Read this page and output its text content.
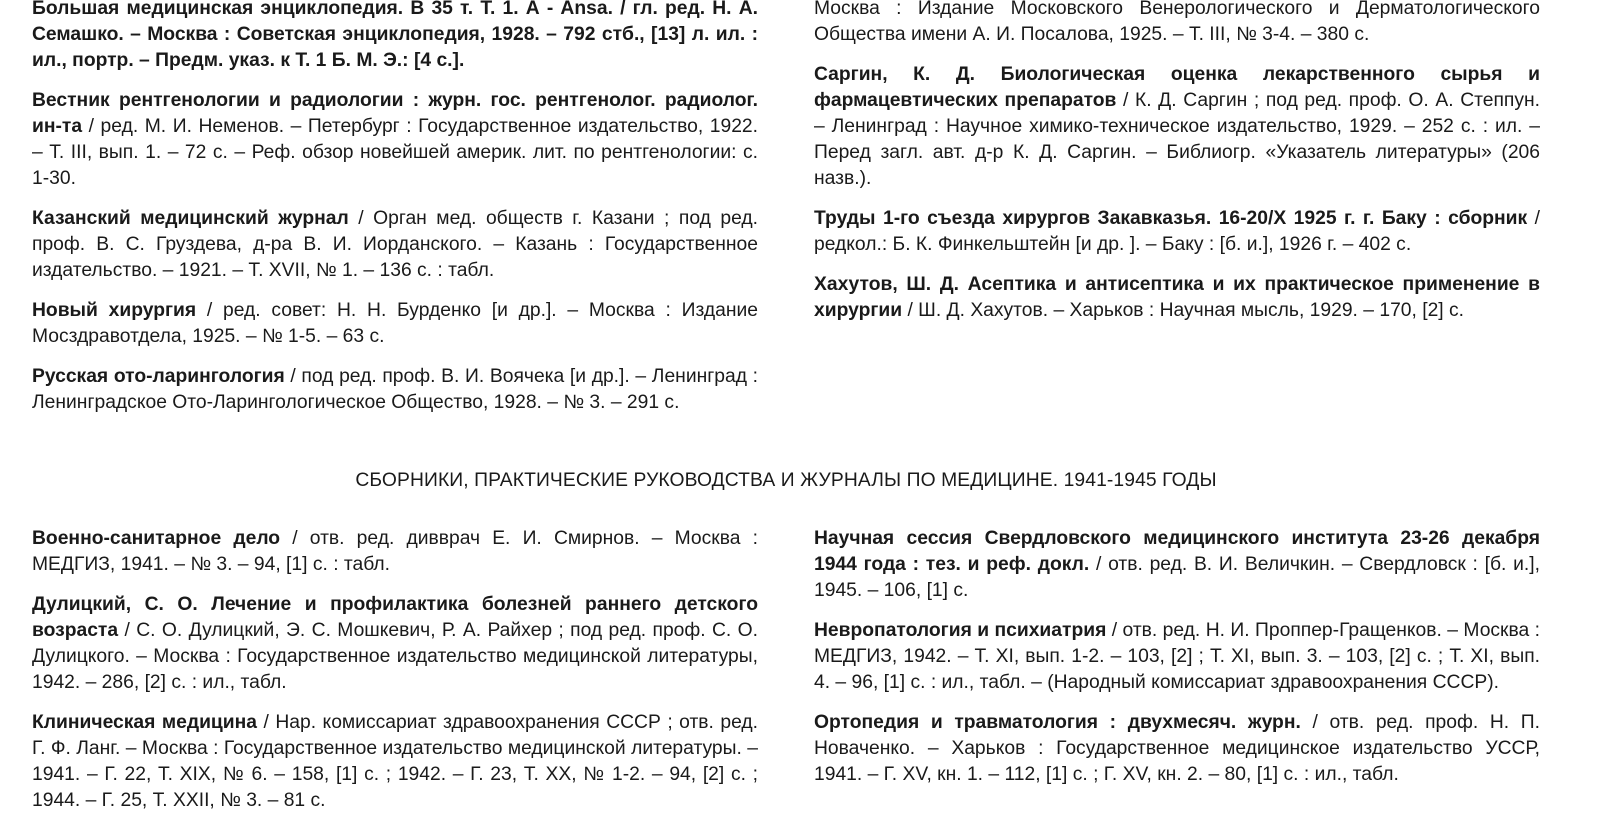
Большая медицинская энциклопедия. В 35 т. Т. 1. А - Ansa. / гл. ред. Н. А. Семашко. – Москва : Советская энциклопедия, 1928. – 792 стб., [13] л. ил. : ил., портр. – Предм. указ. к Т. 1 Б. М. Э.: [4 с.].

Вестник рентгенологии и радиологии : журн. гос. рентгенолог. радиолог. ин-та / ред. М. И. Неменов. – Петербург : Государственное издательство, 1922. – Т. III, вып. 1. – 72 с. – Реф. обзор новейшей америк. лит. по рентгенологии: с. 1-30.

Казанский медицинский журнал / Орган мед. обществ г. Казани ; под ред. проф. В. С. Груздева, д-ра В. И. Иорданского. – Казань : Государственное издательство. – 1921. – Т. XVII, № 1. – 136 с. : табл.

Новый хирургия / ред. совет: Н. Н. Бурденко [и др.]. – Москва : Издание Мосздравотдела, 1925. – № 1-5. – 63 с.

Русская ото-ларингология / под ред. проф. В. И. Воячека [и др.]. – Ленинград : Ленинградское Ото-Ларингологическое Общество, 1928. – № 3. – 291 с.

Москва : Издание Московского Венерологического и Дерматологического Общества имени А. И. Посалова, 1925. – Т. III, № 3-4. – 380 с.

Саргин, К. Д. Биологическая оценка лекарственного сырья и фармацевтических препаратов / К. Д. Саргин ; под ред. проф. О. А. Степпун. – Ленинград : Научное химико-техническое издательство, 1929. – 252 с. : ил. – Перед загл. авт. д-р К. Д. Саргин. – Библиогр. «Указатель литературы» (206 назв.).

Труды 1-го съезда хирургов Закавказья. 16-20/X 1925 г. г. Баку : сборник / редкол.: Б. К. Финкельштейн [и др. ]. – Баку : [б. и.], 1926 г. – 402 с.

Хахутов, Ш. Д. Асептика и антисептика и их практическое применение в хирургии / Ш. Д. Хахутов. – Харьков : Научная мысль, 1929. – 170, [2] с.

СБОРНИКИ, ПРАКТИЧЕСКИЕ РУКОВОДСТВА И ЖУРНАЛЫ ПО МЕДИЦИНЕ. 1941-1945 ГОДЫ

Военно-санитарное дело / отв. ред. дивврач Е. И. Смирнов. – Москва : МЕДГИЗ, 1941. – № 3. – 94, [1] с. : табл.

Дулицкий, С. О. Лечение и профилактика болезней раннего детского возраста / С. О. Дулицкий, Э. С. Мошкевич, Р. А. Райхер ; под ред. проф. С. О. Дулицкого. – Москва : Государственное издательство медицинской литературы, 1942. – 286, [2] с. : ил., табл.

Клиническая медицина / Нар. комиссариат здравоохранения СССР ; отв. ред. Г. Ф. Ланг. – Москва : Государственное издательство медицинской литературы. – 1941. – Г. 22, Т. XIX, № 6. – 158, [1] с. ; 1942. – Г. 23, Т. XX, № 1-2. – 94, [2] с. ; 1944. – Г. 25, Т. XXII, № 3. – 81 с.

Научная сессия Свердловского медицинского института 23-26 декабря 1944 года : тез. и реф. докл. / отв. ред. В. И. Величкин. – Свердловск : [б. и.], 1945. – 106, [1] с.

Невропатология и психиатрия / отв. ред. Н. И. Проппер-Гращенков. – Москва : МЕДГИЗ, 1942. – Т. XI, вып. 1-2. – 103, [2] ; Т. XI, вып. 3. – 103, [2] с. ; Т. XI, вып. 4. – 96, [1] с. : ил., табл. – (Народный комиссариат здравоохранения СССР).

Ортопедия и травматология : двухмесяч. журн. / отв. ред. проф. Н. П. Новаченко. – Харьков : Государственное медицинское издательство УССР, 1941. – Г. XV, кн. 1. – 112, [1] с. ; Г. XV, кн. 2. – 80, [1] с. : ил., табл.
